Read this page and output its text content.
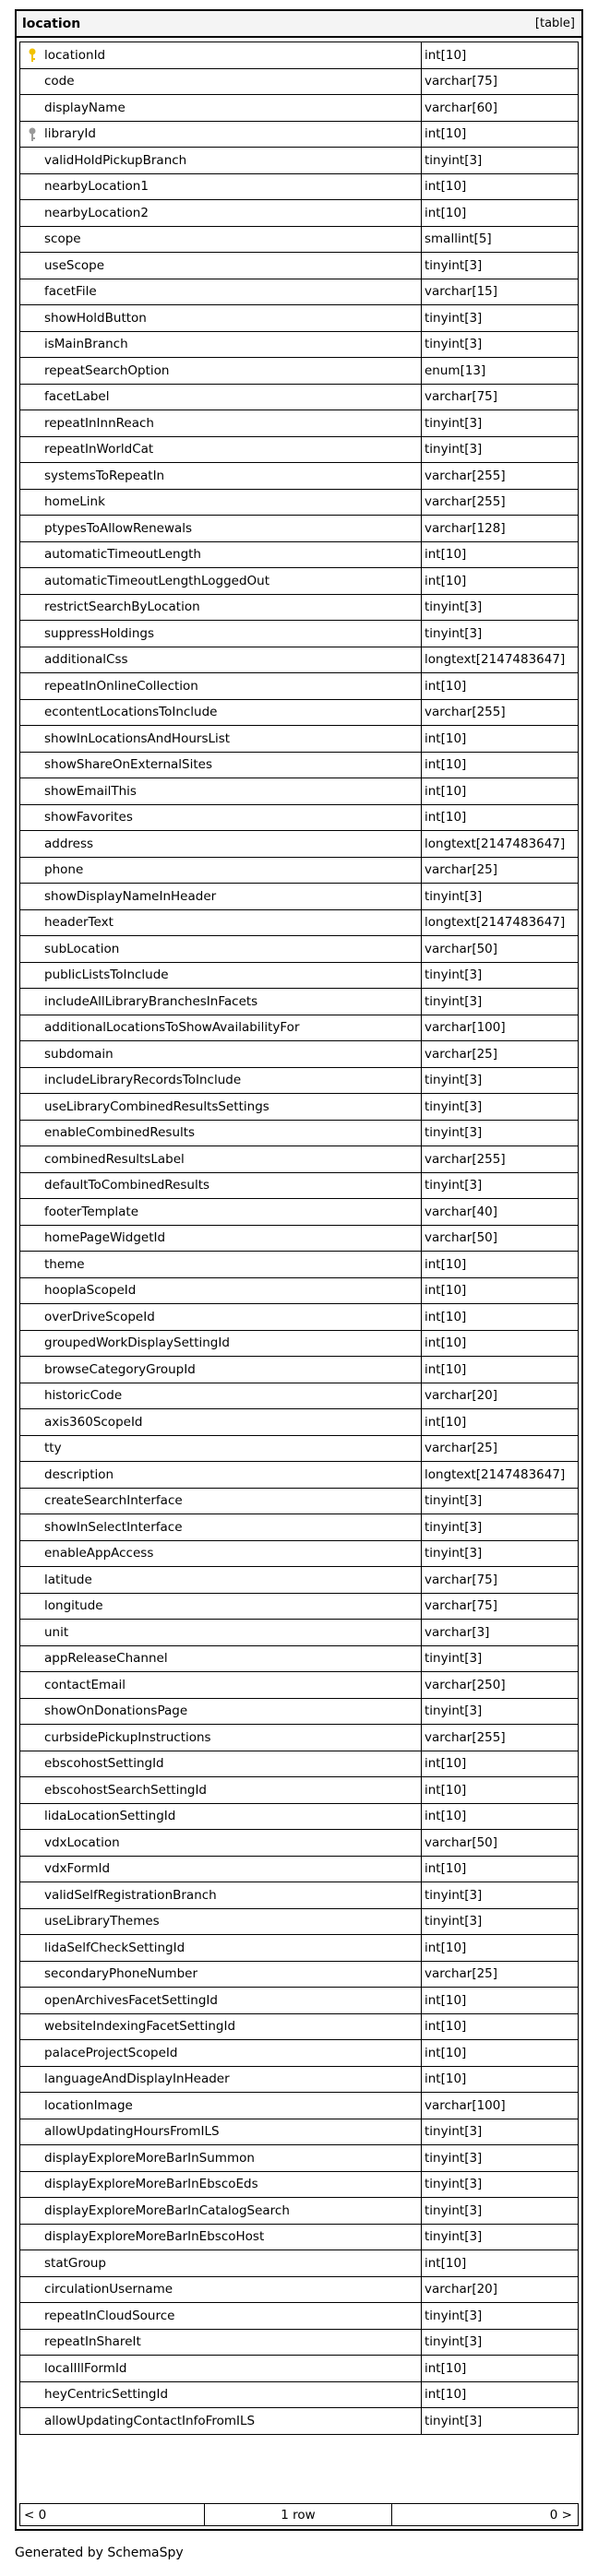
location	[table]
locationId	int[10]
code	varchar[75]
displayName	varchar[60]
libraryId	int[10]
validHoldPickupBranch	tinyint[3]
nearbyLocation1	int[10]
nearbyLocation2	int[10]
scope	smallint[5]
useScope	tinyint[3]
facetFile	varchar[15]
showHoldButton	tinyint[3]
isMainBranch	tinyint[3]
repeatSearchOption	enum[13]
facetLabel	varchar[75]
repeatInInnReach	tinyint[3]
repeatInWorldCat	tinyint[3]
systemsToRepeatIn	varchar[255]
homeLink	varchar[255]
ptypesToAllowRenewals	varchar[128]
automaticTimeoutLength	int[10]
automaticTimeoutLengthLoggedOut	int[10]
restrictSearchByLocation	tinyint[3]
suppressHoldings	tinyint[3]
additionalCss	longtext[2147483647]
repeatInOnlineCollection	int[10]
econtentLocationsToInclude	varchar[255]
showInLocationsAndHoursList	int[10]
showShareOnExternalSites	int[10]
showEmailThis	int[10]
showFavorites	int[10]
address	longtext[2147483647]
phone	varchar[25]
showDisplayNameInHeader	tinyint[3]
headerText	longtext[2147483647]
subLocation	varchar[50]
publicListsToInclude	tinyint[3]
includeAllLibraryBranchesInFacets	tinyint[3]
additionalLocationsToShowAvailabilityFor	varchar[100]
subdomain	varchar[25]
includeLibraryRecordsToInclude	tinyint[3]
useLibraryCombinedResultsSettings	tinyint[3]
enableCombinedResults	tinyint[3]
combinedResultsLabel	varchar[255]
defaultToCombinedResults	tinyint[3]
footerTemplate	varchar[40]
homePageWidgetId	varchar[50]
theme	int[10]
hooplaScopeId	int[10]
overDriveScopeId	int[10]
groupedWorkDisplaySettingId	int[10]
browseCategoryGroupId	int[10]
historicCode	varchar[20]
axis360ScopeId	int[10]
tty	varchar[25]
description	longtext[2147483647]
createSearchInterface	tinyint[3]
showInSelectInterface	tinyint[3]
enableAppAccess	tinyint[3]
latitude	varchar[75]
longitude	varchar[75]
unit	varchar[3]
appReleaseChannel	tinyint[3]
contactEmail	varchar[250]
showOnDonationsPage	tinyint[3]
curbsidePickupInstructions	varchar[255]
ebscohostSettingId	int[10]
ebscohostSearchSettingId	int[10]
lidaLocationSettingId	int[10]
vdxLocation	varchar[50]
vdxFormId	int[10]
validSelfRegistrationBranch	tinyint[3]
useLibraryThemes	tinyint[3]
lidaSelfCheckSettingId	int[10]
secondaryPhoneNumber	varchar[25]
openArchivesFacetSettingId	int[10]
websiteIndexingFacetSettingId	int[10]
palaceProjectScopeId	int[10]
languageAndDisplayInHeader	int[10]
locationImage	varchar[100]
allowUpdatingHoursFromILS	tinyint[3]
displayExploreMoreBarInSummon	tinyint[3]
displayExploreMoreBarInEbscoEds	tinyint[3]
displayExploreMoreBarInCatalogSearch	tinyint[3]
displayExploreMoreBarInEbscoHost	tinyint[3]
statGroup	int[10]
circulationUsername	varchar[20]
repeatInCloudSource	tinyint[3]
repeatInShareIt	tinyint[3]
localIllFormId	int[10]
heyCentricSettingId	int[10]
allowUpdatingContactInfoFromILS	tinyint[3]
< 0	1 row	0 >
Generated by SchemaSpy
